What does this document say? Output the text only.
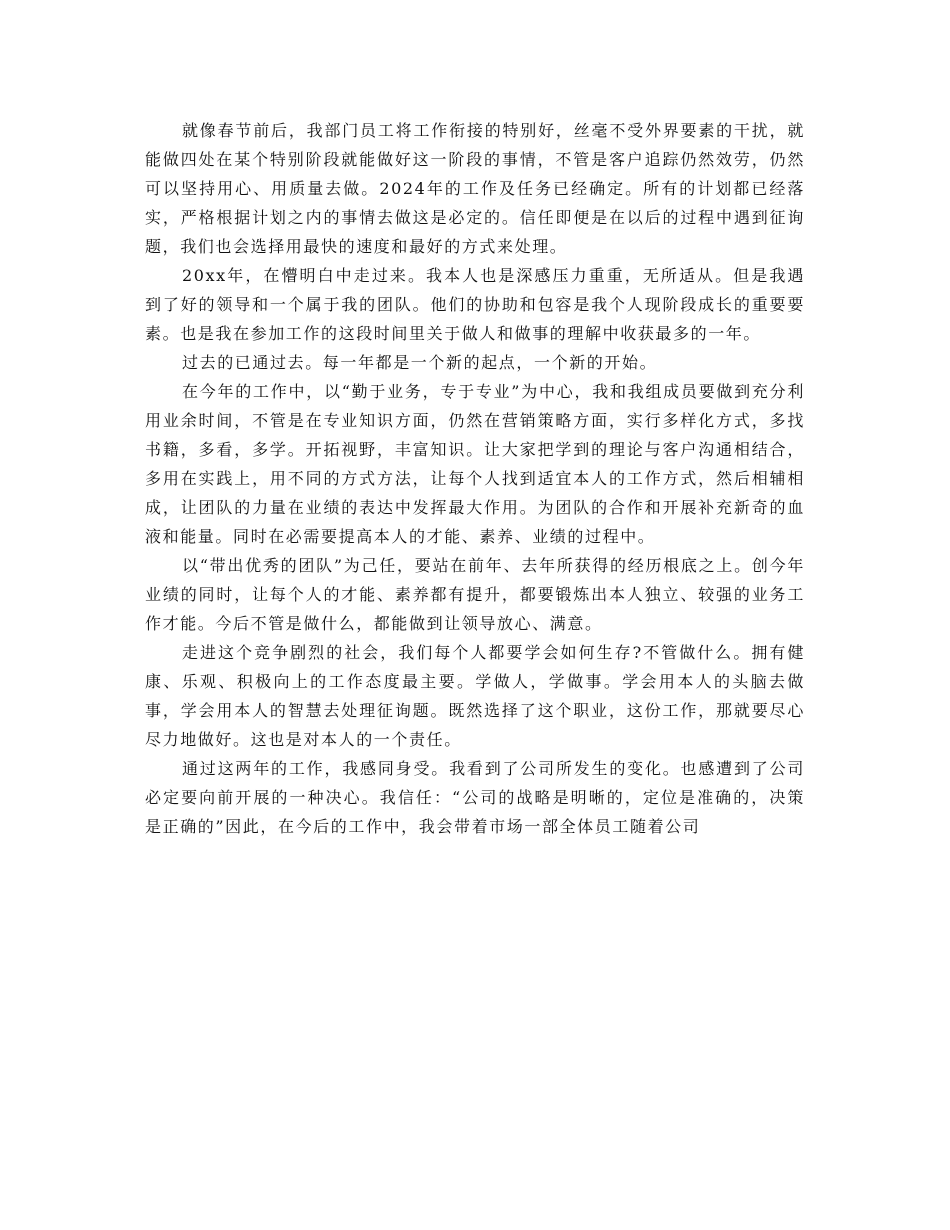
就像春节前后，我部门员工将工作衔接的特别好，丝毫不受外界要素的干扰，就能做四处在某个特别阶段就能做好这一阶段的事情，不管是客户追踪仍然效劳，仍然可以坚持用心、用质量去做。2024年的工作及任务已经确定。所有的计划都已经落实，严格根据计划之内的事情去做这是必定的。信任即便是在以后的过程中遇到征询题，我们也会选择用最快的速度和最好的方式来处理。

20xx年，在懵明白中走过来。我本人也是深感压力重重，无所适从。但是我遇到了好的领导和一个属于我的团队。他们的协助和包容是我个人现阶段成长的重要要素。也是我在参加工作的这段时间里关于做人和做事的理解中收获最多的一年。

过去的已通过去。每一年都是一个新的起点，一个新的开始。

在今年的工作中，以“勤于业务，专于专业”为中心，我和我组成员要做到充分利用业余时间，不管是在专业知识方面，仍然在营销策略方面，实行多样化方式，多找书籍，多看，多学。开拓视野，丰富知识。让大家把学到的理论与客户沟通相结合，多用在实践上，用不同的方式方法，让每个人找到适宜本人的工作方式，然后相辅相成，让团队的力量在业绩的表达中发挥最大作用。为团队的合作和开展补充新奇的血液和能量。同时在必需要提高本人的才能、素养、业绩的过程中。

以“带出优秀的团队”为己任，要站在前年、去年所获得的经历根底之上。创今年业绩的同时，让每个人的才能、素养都有提升，都要锻炼出本人独立、较强的业务工作才能。今后不管是做什么，都能做到让领导放心、满意。

走进这个竞争剧烈的社会，我们每个人都要学会如何生存?不管做什么。拥有健康、乐观、积极向上的工作态度最主要。学做人，学做事。学会用本人的头脑去做事，学会用本人的智慧去处理征询题。既然选择了这个职业，这份工作，那就要尽心尽力地做好。这也是对本人的一个责任。

通过这两年的工作，我感同身受。我看到了公司所发生的变化。也感遭到了公司必定要向前开展的一种决心。我信任：“公司的战略是明晰的，定位是准确的，决策是正确的”因此，在今后的工作中，我会带着市场一部全体员工随着公司
